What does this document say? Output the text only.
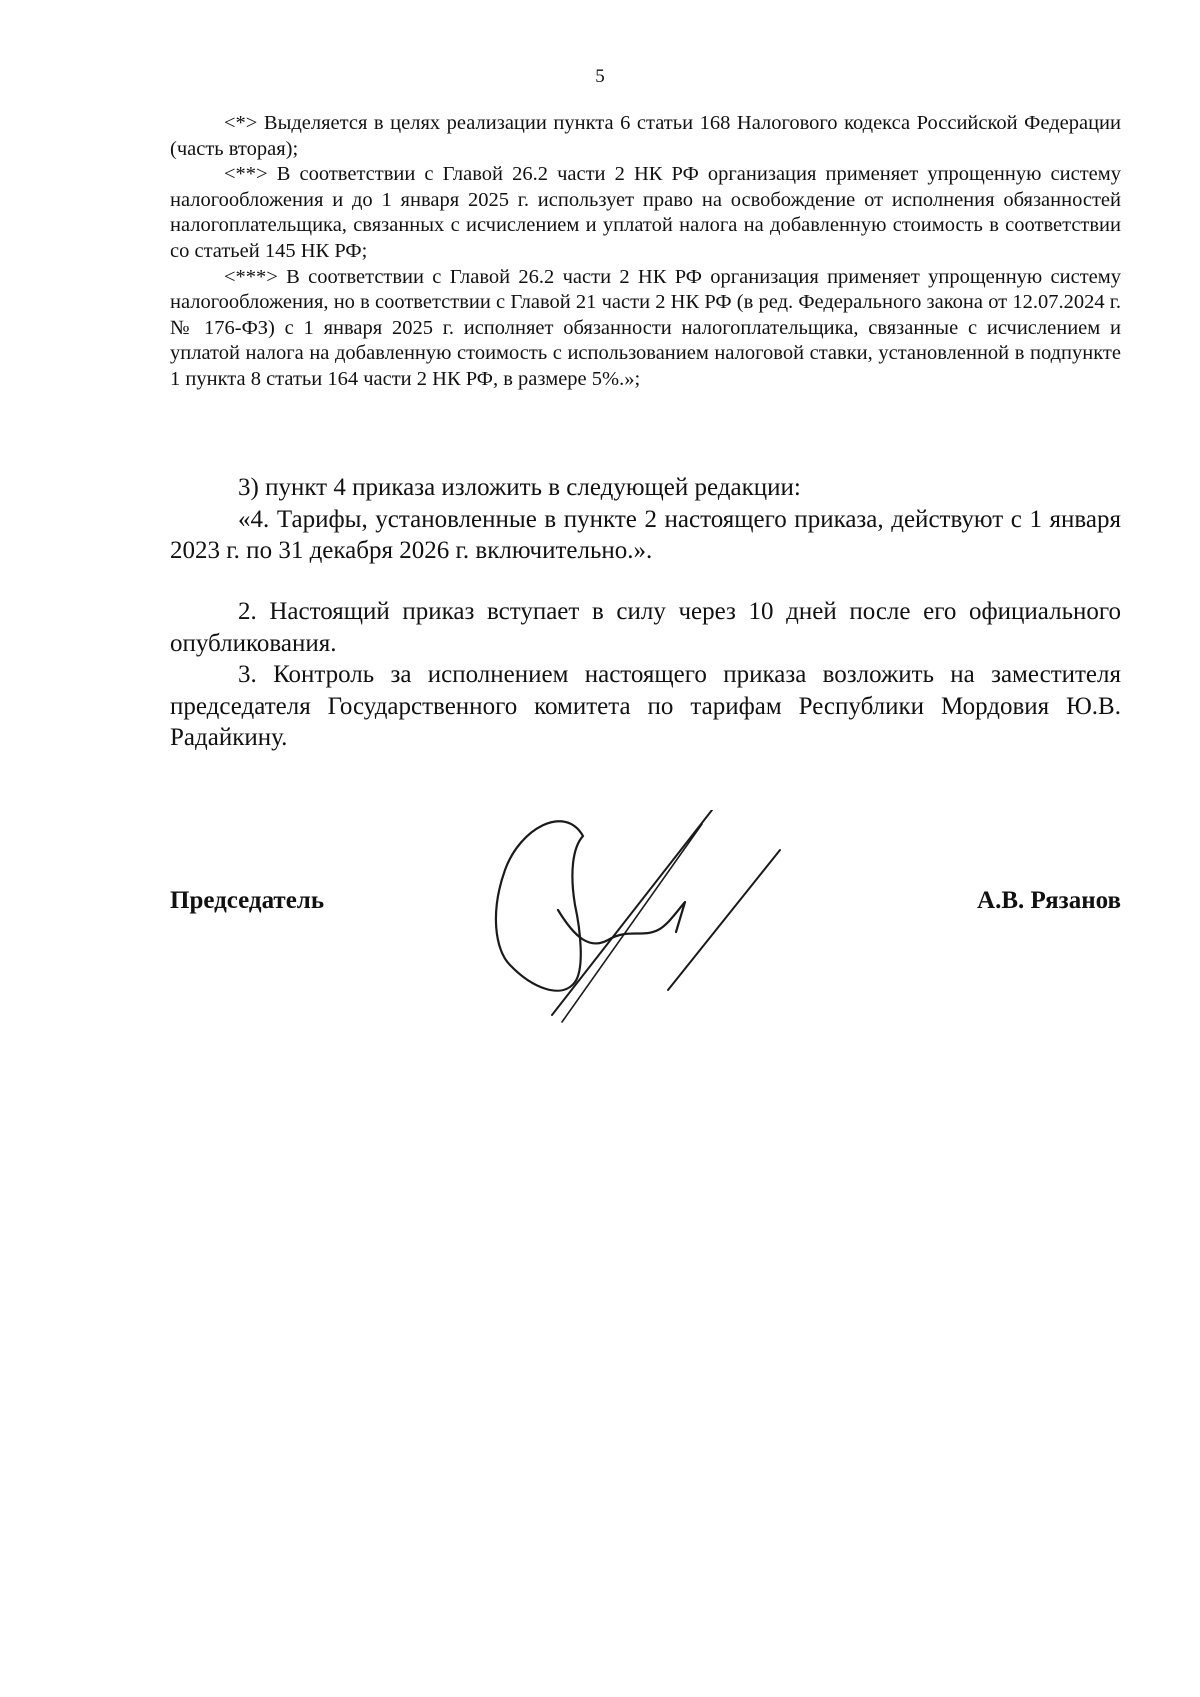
5

<*> Выделяется в целях реализации пункта 6 статьи 168 Налогового кодекса Российской Федерации (часть вторая);

<**> В соответствии с Главой 26.2 части 2 НК РФ организация применяет упрощенную систему налогообложения и до 1 января 2025 г. использует право на освобождение от исполнения обязанностей налогоплательщика, связанных с исчислением и уплатой налога на добавленную стоимость в соответствии со статьей 145 НК РФ;

<***> В соответствии с Главой 26.2 части 2 НК РФ организация применяет упрощенную систему налогообложения, но в соответствии с Главой 21 части 2 НК РФ (в ред. Федерального закона от 12.07.2024 г. № 176-ФЗ) с 1 января 2025 г. исполняет обязанности налогоплательщика, связанные с исчислением и уплатой налога на добавленную стоимость с использованием налоговой ставки, установленной в подпункте 1 пункта 8 статьи 164 части 2 НК РФ, в размере 5%.»;

3) пункт 4 приказа изложить в следующей редакции:

«4. Тарифы, установленные в пункте 2 настоящего приказа, действуют с 1 января 2023 г. по 31 декабря 2026 г. включительно.».

2. Настоящий приказ вступает в силу через 10 дней после его официального опубликования.

3. Контроль за исполнением настоящего приказа возложить на заместителя председателя Государственного комитета по тарифам Республики Мордовия Ю.В. Радайкину.

Председатель	А.В. Рязанов
